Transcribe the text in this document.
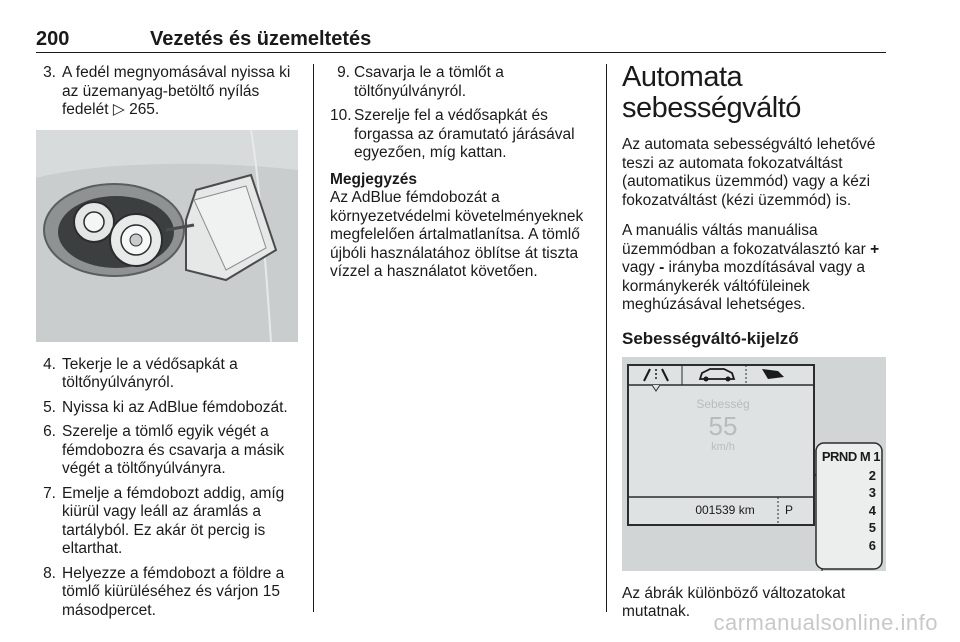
200	Vezetés és üzemeltetés
3. A fedél megnyomásával nyissa ki az üzemanyag-betöltő nyílás fedelét ▷ 265.
4. Tekerje le a védősapkát a töltőnyúlványról.
5. Nyissa ki az AdBlue fémdobozát.
6. Szerelje a tömlő egyik végét a fémdobozra és csavarja a másik végét a töltőnyúlványra.
7. Emelje a fémdobozt addig, amíg kiürül vagy leáll az áramlás a tartályból. Ez akár öt percig is eltarthat.
8. Helyezze a fémdobozt a földre a tömlő kiürüléséhez és várjon 15 másodpercet.
9. Csavarja le a tömlőt a töltőnyúlványról.
10. Szerelje fel a védősapkát és forgassa az óramutató járásával egyezően, míg kattan.
Megjegyzés
Az AdBlue fémdobozát a környezetvédelmi követelményeknek megfelelően ártalmatlanítsa. A tömlő újbóli használatához öblítse át tiszta vízzel a használatot követően.
Automata sebességváltó
Az automata sebességváltó lehetővé teszi az automata fokozatváltást (automatikus üzemmód) vagy a kézi fokozatváltást (kézi üzemmód) is.
A manuális váltás manuálisa üzemmódban a fokozatválasztó kar + vagy - irányba mozdításával vagy a kormánykerék váltófüleinek meghúzásával lehetséges.
Sebességváltó-kijelző
Sebesség
55
km/h
001539 km	P
PRND M 1
2
3
4
5
6
Az ábrák különböző változatokat mutatnak.	carmanualsonline.info
